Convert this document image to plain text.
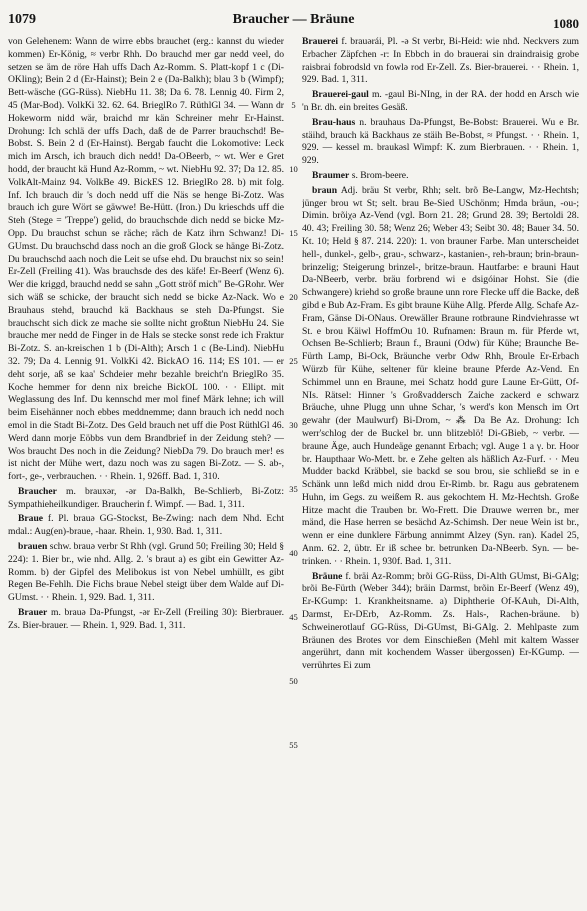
1079	Braucher — Bräune	1080
von Gelehenem: Wann de wirre ebbs brauchet (erg.: kannst du wieder kommen) Er-König, ≈ verbr Rhh. Do brauchd mer gar nedd veel, do setzen se äm de röre Hah uffs Dach Az-Romm. S. Platt-kopf 1 c (Di-OKling); Bein 2 d (Er-Hainst); Bein 2 e (Da-Balkh); blau 3 b (Wimpf); Bett-wäsche (GG-Rüss). NiebHu 11. 38; Da 6. 78. Lennig 40. Firm 2, 45 (Mar-Bod). VolkKi 32. 62. 64. BrieglRo 7. RüthlGl 34. — Wann dr Hokeworm nidd wär, braichd mr kän Schreiner mehr Er-Hainst. Drohung: Ich schlä der uffs Dach, daß de de Parrer brauchschd! Be-Bobst. S. Bein 2 d (Er-Hainst). Bergab faucht die Lokomotive: Leck mich im Arsch, ich brauch dich nedd! Da-OBeerb, ~ wt. Wer e Gret hodd, der braucht kä Hund Az-Romm, ~ wt. NiebHu 92. 37; Da 12. 85. VolkAlt-Mainz 94. VolkBe 49. BickES 12. BrieglRo 28. b) mit folg. Inf. Ich brauch dir 's doch nedd uff die Näs se henge Bi-Zotz. Was brauch ich gure Wört se gäwwe! Be-Hütt. (Iron.) Du krieschds uff die Steh (Stege = 'Treppe') gelid, do brauchschde dich nedd se bicke Mz-Opp. Du brauchst schun se räche; räch de Katz ihrn Schwanz! Di-GUmst. Du brauchschd dass noch an die groß Glock se hänge Bi-Zotz. Du brauchschd aach noch die Leit se ufse ehd. Du brauchst nix so sein! Er-Zell (Freiling 41). Was brauchsde des des käfe! Er-Beerf (Wenz 6). Wer die kriggd, brauchd nedd se sahn „Gott ströf mich" Be-GRohr. Wer sich wäß se schicke, der braucht sich nedd se bicke Az-Nack. Wo e Brauhaus stehd, brauchd kä Backhaus se steh Da-Pfungst. Sie brauchscht sich dick ze mache sie sollte nicht großtun NiebHu 24. Sie brauche mer nedd de Finger in de Hals se stecke sonst rede ich Fraktur Bi-Zotz. S. an-kreischen 1 b (Di-Alth); Arsch 1 c (Be-Lind). NiebHu 32. 79; Da 4. Lennig 91. VolkKi 42. BickAO 16. 114; ES 101. — er deht sorje, aß se kaa' Schdeier mehr bezahle breicht'n BrieglRo 35. Koche hemmer for denn nix breiche BickOL 100. · · Ellipt. mit Weglassung des Inf. Du kennschd mer mol finef Märk lehne; ich will beim Eisehänner noch ebbes meddnemme; dann brauch ich nedd noch emol in die Stadt Bi-Zotz. Des Geld brauch net uff die Post RüthlGl 46. Werd dann morje Eöbbs vun dem Brandbrief in der Zeidung steh? — Wos braucht Des noch in die Zeidung? NiebDa 79. Do brauch mer! es ist nicht der Mühe wert, dazu noch was zu sagen Bi-Zotz. — S. ab-, fort-, ge-, verbrauchen. · · Rhein. 1, 926ff. Bad. 1, 310.
Braucher m. brauxər, -ər Da-Balkh, Be-Schlierb, Bi-Zotz: Sympathieheilkundiger. Braucherin f. Wimpf. — Bad. 1, 311.
Braue f. Pl. brauə GG-Stockst, Be-Zwing: nach dem Nhd. Echt mdal.: Aug(en)-braue, -haar. Rhein. 1, 930. Bad. 1, 311.
brauen schw. brauə verbr St Rhh (vgl. Grund 50; Freiling 30; Held § 224): 1. Bier br., wie nhd. Allg. 2. 's braut a) es gibt ein Gewitter Az-Romm. b) der Gipfel des Melibokus ist von Nebel umhüllt, es gibt Regen Be-Fehlh. Die Fichs braue Nebel steigt über dem Walde auf Di-GUmst. · · Rhein. 1, 929. Bad. 1, 311.
Brauer m. brauə Da-Pfungst, -ər Er-Zell (Freiling 30): Bierbrauer. Zs. Bier-brauer. — Rhein. 1, 929. Bad. 1, 311.
5
10
15
20
25
30
35
40
45
50
55
Brauerei f. brauərái, Pl. -ə St verbr, Bi-Heid: wie nhd. Neckvers zum Erbacher Zäpfchen -r: In Ebbch in do brauerai sin draindraisig grobe raisbrai fobrodsld vn fowlə rod Er-Zell. Zs. Bier-brauerei. · · Rhein. 1, 929. Bad. 1, 311.
Brauerei-gaul m. -gaul Bi-NIng, in der RA. der hodd en Arsch wie 'n Br. dh. ein breites Gesäß.
Brau-haus n. brauhaus Da-Pfungst, Be-Bobst: Brauerei. Wu e Br. stäihd, brauch kä Backhaus ze stäih Be-Bobst, ≈ Pfungst. · · Rhein. 1, 929. — kessel m. braukəsl Wimpf: K. zum Bierbrauen. · · Rhein. 1, 929.
Braumer s. Brom-beere.
braun Adj. bräu St verbr, Rhh; selt. brõ Be-Langw, Mz-Hechtsh; jünger brou wt St; selt. brau Be-Sied USchönm; Hmda bräun, -ou-; Dimin. brõiχə Az-Vend (vgl. Born 21. 28; Grund 28. 39; Bertoldi 28. 40. 43; Freiling 30. 58; Wenz 26; Weber 43; Seibt 30. 48; Bauer 34. 50. Kt. 10; Held § 87. 214. 220): 1. von brauner Farbe. Man unterscheidet hell-, dunkel-, gelb-, grau-, schwarz-, kastanien-, reh-braun; brin-braun-brinzelig; Steigerung brinzel-, britze-braun. Hautfarbe: e brauni Haut Da-NBeerb, verbr. bräu forbrend wi e dsigóinər Hohst. Sie (die Schwangere) kriehd so große braune unn rore Flecke uff die Backe, deß gibd e Bub Az-Fram. Es gibt braune Kühe Allg. Pferde Allg. Schafe Az-Fram, Gänse Di-ONaus. Orewäller Braune rotbraune Rindviehrasse wt St. e brou Käiwl HoffmOu 10. Rufnamen: Braun m. für Pferde wt, Ochsen Be-Schlierb; Braun f., Brauni (Odw) für Kühe; Braunche Be-Fürth Lamp, Bi-Ock, Bräunche verbr Odw Rhh, Broule Er-Erbach Würzb für Kühe, seltener für kleine braune Pferde Az-Vend. En Schimmel unn en Braune, mei Schatz hodd gure Laune Er-Gütt, Of-NIs. Rätsel: Hinner 's Großvaddersch Zaiche zackerd e schwarz Bräuche, uhne Plugg unn uhne Schar, 's werd's kon Mensch im Ort gewahr (der Maulwurf) Bi-Drom, ~ ⁂ Da Be Az. Drohung: Ich werr'schlog der de Buckel br. unn blitzeblö! Di-GBieb, ~ verbr. — braune Äge, auch Hundeäge genannt Erbach; vgl. Auge 1 a γ. br. Hoor br. Haupthaar Wo-Mett. br. e Zehe gelten als häßlich Az-Furf. · · Meu Mudder backd Kräbbel, sie backd se sou brou, sie schließd se in e Schänk unn leßd mich nidd drou Er-Rimb. br. Ragu aus gebratenem Huhn, im Gegs. zu weißem R. aus gekochtem H. Mz-Hechtsh. Große Hitze macht die Trauben br. Wo-Frett. Die Drauwe werren br., mer mänd, die Hase herren se besächd Az-Schimsh. Der neue Wein ist br., wenn er eine dunklere Färbung annimmt Alzey (Syn. ran). Kadel 25, Anm. 62. 2, übtr. Er iß schee br. betrunken Da-NBeerb. Syn. — be-trinken. · · Rhein. 1, 930f. Bad. 1, 311.
Bräune f. bräi Az-Romm; brõi GG-Rüss, Di-Alth GUmst, Bi-GAlg; brõi Be-Fürth (Weber 344); bräin Darmst, brõin Er-Beerf (Wenz 49), Er-KGump: 1. Krankheitsname. a) Diphtherie Of-KAuh, Di-Alth, Darmst, Er-DErb, Az-Romm. Zs. Hals-, Rachen-bräune. b) Schweinerotlauf GG-Rüss, Di-GUmst, Bi-GAlg. 2. Mehlpaste zum Bräunen des Brotes vor dem Einschießen (Mehl mit kaltem Wasser angerührt, dann mit kochendem Wasser übergossen) Er-KGump. — verrührtes Ei zum
